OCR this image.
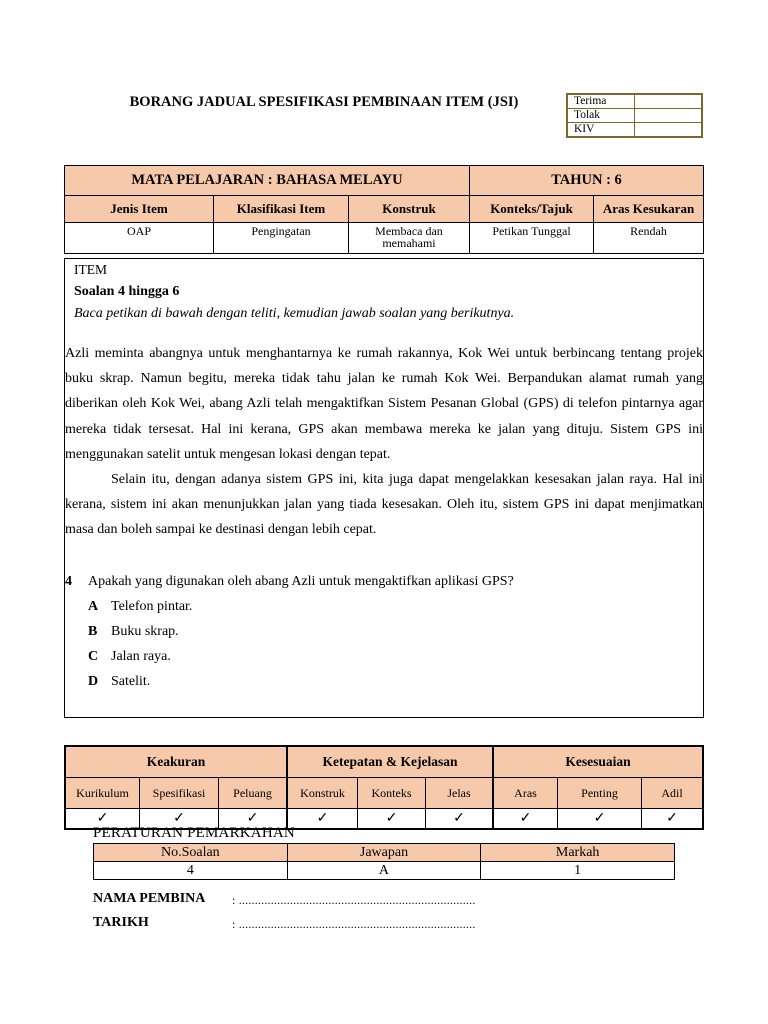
BORANG JADUAL SPESIFIKASI PEMBINAAN ITEM (JSI)	Terima	
Tolak	
KIV	
MATA PELAJARAN : BAHASA MELAYU			TAHUN : 6	
Jenis Item	Klasifikasi Item	Konstruk	Konteks/Tajuk	Aras Kesukaran
OAP	Pengingatan	Membaca dan memahami	Petikan Tunggal	Rendah
ITEM
Soalan 4 hingga 6
Baca petikan di bawah dengan teliti, kemudian jawab soalan yang berikutnya.

Azli meminta abangnya untuk menghantarnya ke rumah rakannya, Kok Wei untuk berbincang tentang projek buku skrap. Namun begitu, mereka tidak tahu jalan ke rumah Kok Wei. Berpandukan alamat rumah yang diberikan oleh Kok Wei, abang Azli telah mengaktifkan Sistem Pesanan Global (GPS) di telefon pintarnya agar mereka tidak tersesat. Hal ini kerana, GPS akan membawa mereka ke jalan yang dituju. Sistem GPS ini menggunakan satelit untuk mengesan lokasi dengan tepat.

Selain itu, dengan adanya sistem GPS ini, kita juga dapat mengelakkan kesesakan jalan raya. Hal ini kerana, sistem ini akan menunjukkan jalan yang tiada kesesakan. Oleh itu, sistem GPS ini dapat menjimatkan masa dan boleh sampai ke destinasi dengan lebih cepat.

4 Apakah yang digunakan oleh abang Azli untuk mengaktifkan aplikasi GPS?
A Telefon pintar.
B Buku skrap.
C Jalan raya.
D Satelit.
Keakuran			Ketepatan & Kejelasan			Kesesuaian		
Kurikulum	Spesifikasi	Peluang	Konstruk	Konteks	Jelas	Aras	Penting	Adil
✓	✓	✓	✓	✓	✓	✓	✓	✓
PERATURAN PEMARKAHAN
No.Soalan	Jawapan	Markah
4	A	1
NAMA PEMBINA : ..........................................................................
TARIKH	: ..........................................................................
